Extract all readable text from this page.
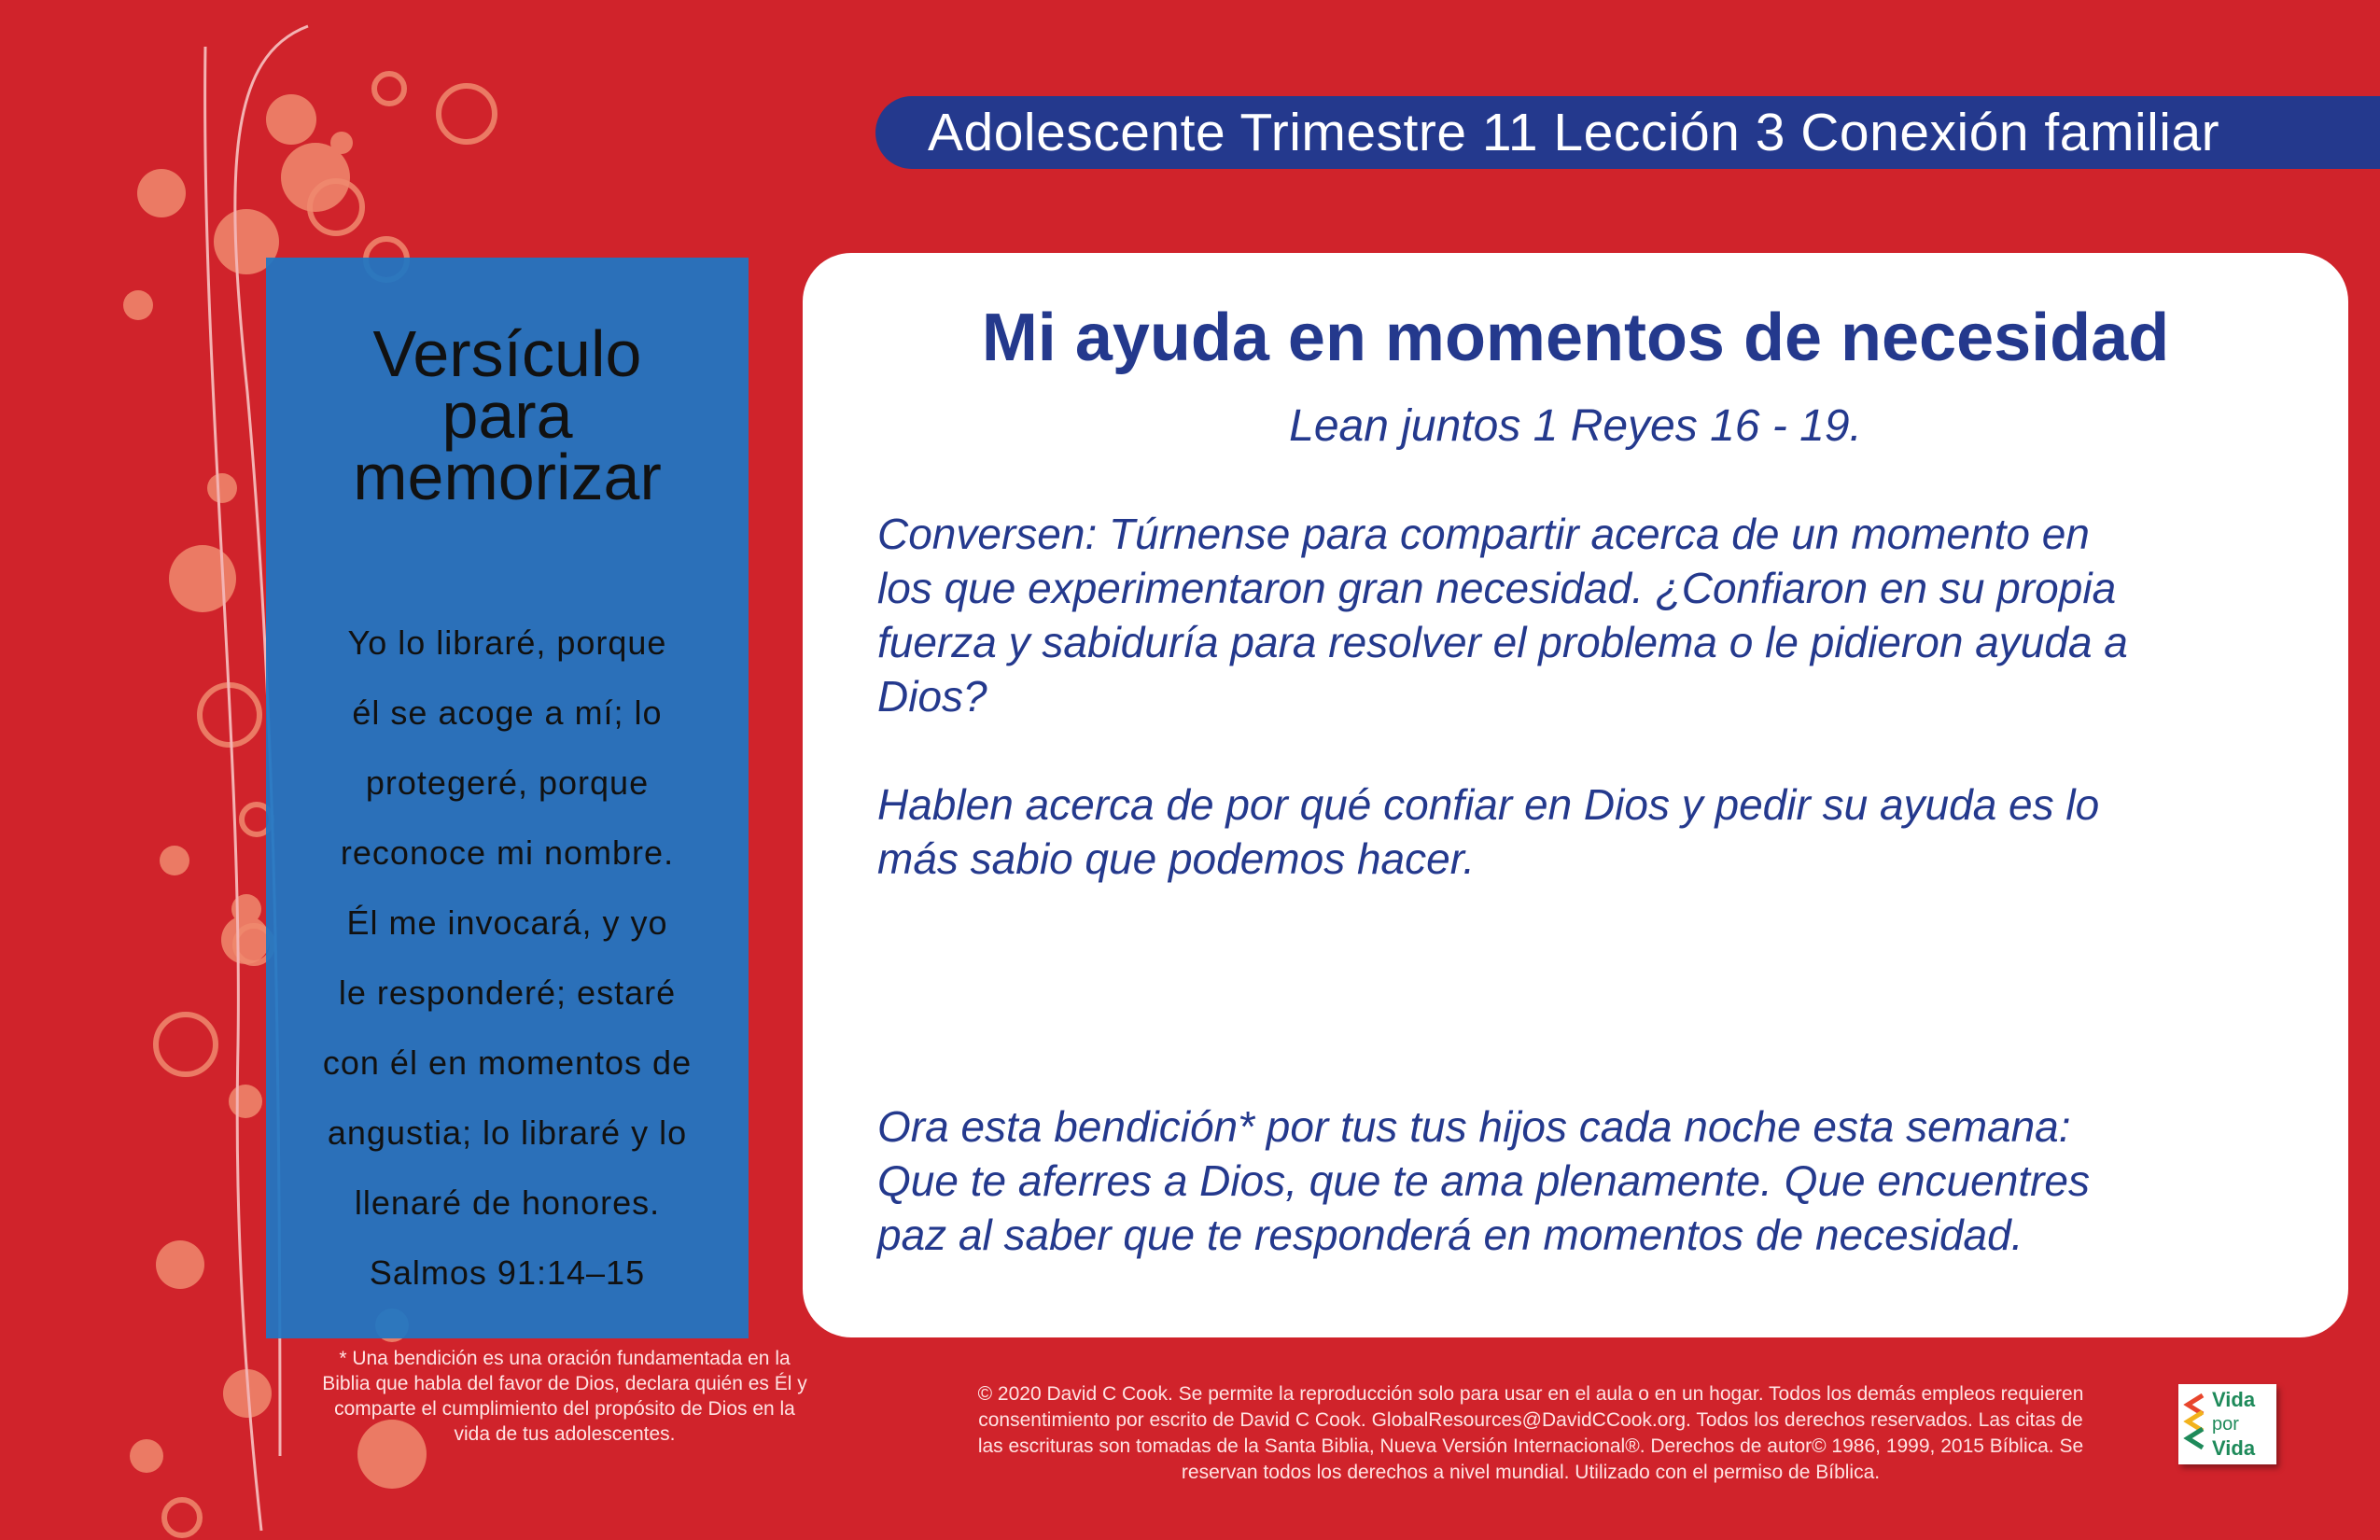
Adolescente Trimestre 11 Lección 3 Conexión familiar
Versículo
para
memorizar
Yo lo libraré, porque
él se acoge a mí; lo
protegeré, porque
reconoce mi nombre.
Él me invocará, y yo
le responderé; estaré
con él en momentos de
angustia; lo libraré y lo
llenaré de honores.
Salmos 91:14–15
* Una bendición es una oración fundamentada en la
Biblia que habla del favor de Dios, declara quién es Él y
comparte el cumplimiento del propósito de Dios en la
vida de tus adolescentes.
Mi ayuda en momentos de necesidad
Lean juntos 1 Reyes 16 - 19.
Conversen: Túrnense para compartir acerca de un momento en
los que experimentaron gran necesidad. ¿Confiaron en su propia
fuerza y sabiduría para resolver el problema o le pidieron ayuda a
Dios?
Hablen acerca de por qué confiar en Dios y pedir su ayuda es lo
más sabio que podemos hacer.
Ora esta bendición* por tus tus hijos cada noche esta semana:
Que te aferres a Dios, que te ama plenamente. Que encuentres
paz al saber que te responderá en momentos de necesidad.
© 2020 David C Cook. Se permite la reproducción solo para usar en el aula o en un hogar. Todos los demás empleos requieren
consentimiento por escrito de David C Cook. GlobalResources@DavidCCook.org. Todos los derechos reservados. Las citas de
las escrituras son tomadas de la Santa Biblia, Nueva Versión Internacional®. Derechos de autor© 1986, 1999, 2015 Bíblica. Se
reservan todos los derechos a nivel mundial. Utilizado con el permiso de Bíblica.
Vida
por
Vida
